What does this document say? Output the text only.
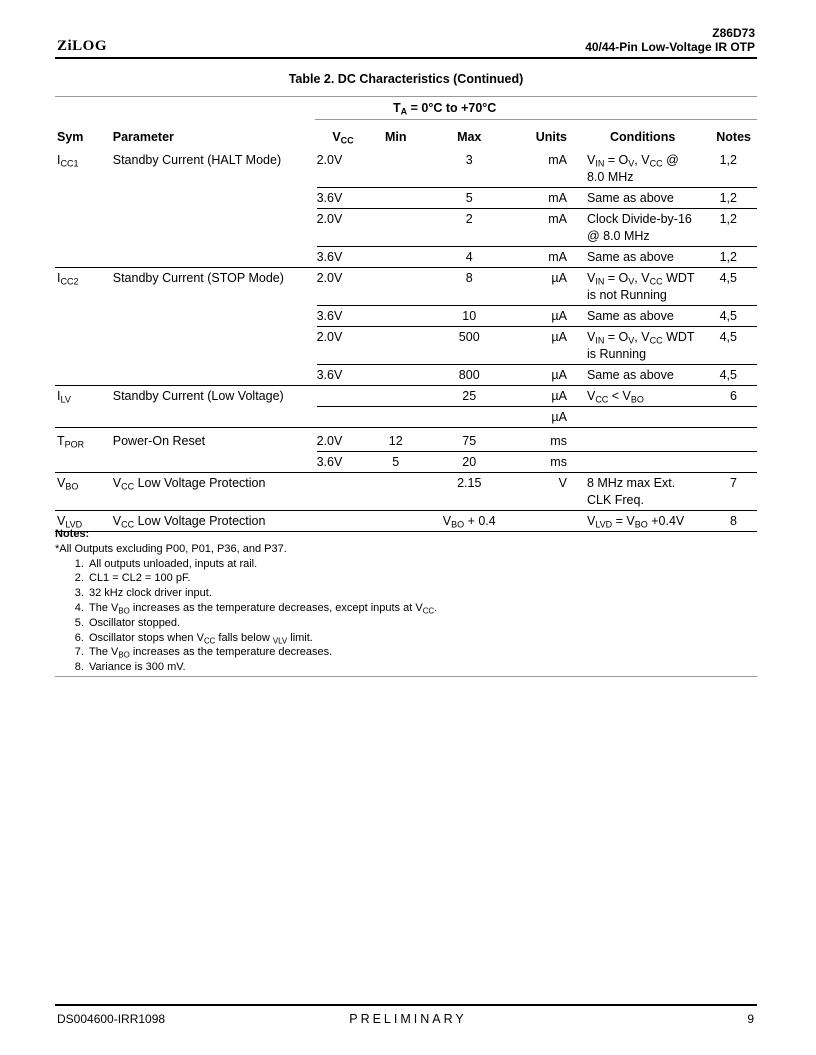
ZiLOG
Z86D73
40/44-Pin Low-Voltage IR OTP
Table 2. DC Characteristics (Continued)
$T_A = 0^\circ C$ to +70°C
Sym	Parameter	$V_{CC}$	Min	Max	Units	Conditions	Notes
$I_{CC1}$	Standby Current (HALT Mode)	2.0V		3	mA	$V_{IN} = O_V$, $V_{CC}$ @ 8.0 MHz	1,2
		3.6V		5	mA	Same as above	1,2
		2.0V		2	mA	Clock Divide-by-16 @ 8.0 MHz	1,2
		3.6V		4	mA	Same as above	1,2
$I_{CC2}$	Standby Current (STOP Mode)	2.0V		8	µA	$V_{IN} = O_V$, $V_{CC}$ WDT is not Running	4,5
		3.6V		10	µA	Same as above	4,5
		2.0V		500	µA	$V_{IN} = O_V$, $V_{CC}$ WDT is Running	4,5
		3.6V		800	µA	Same as above	4,5
$I_{LV}$	Standby Current (Low Voltage)			25	µA	$V_{CC} < V_{BO}$	6
					µA		
$T_{POR}$	Power-On Reset	2.0V	12	75	ms		
		3.6V	5	20	ms		
$V_{BO}$	$V_{CC}$ Low Voltage Protection			2.15	V	8 MHz max Ext. CLK Freq.	7
$V_{LVD}$	$V_{CC}$ Low Voltage Protection			$V_{BO} + 0.4$		$V_{LVD} = V_{BO} +0.4V$	8
Notes:
*All Outputs excluding P00, P01, P36, and P37.
1. All outputs unloaded, inputs at rail.
2. CL1 = CL2 = 100 pF.
3. 32 kHz clock driver input.
4. The $V_{BO}$ increases as the temperature decreases, except inputs at $V_{CC}$.
5. Oscillator stopped.
6. Oscillator stops when $V_{CC}$ falls below $_{VLV}$ limit.
7. The $V_{BO}$ increases as the temperature decreases.
8. Variance is 300 mV.
DS004600-IRR1098	PRELIMINARY	9
